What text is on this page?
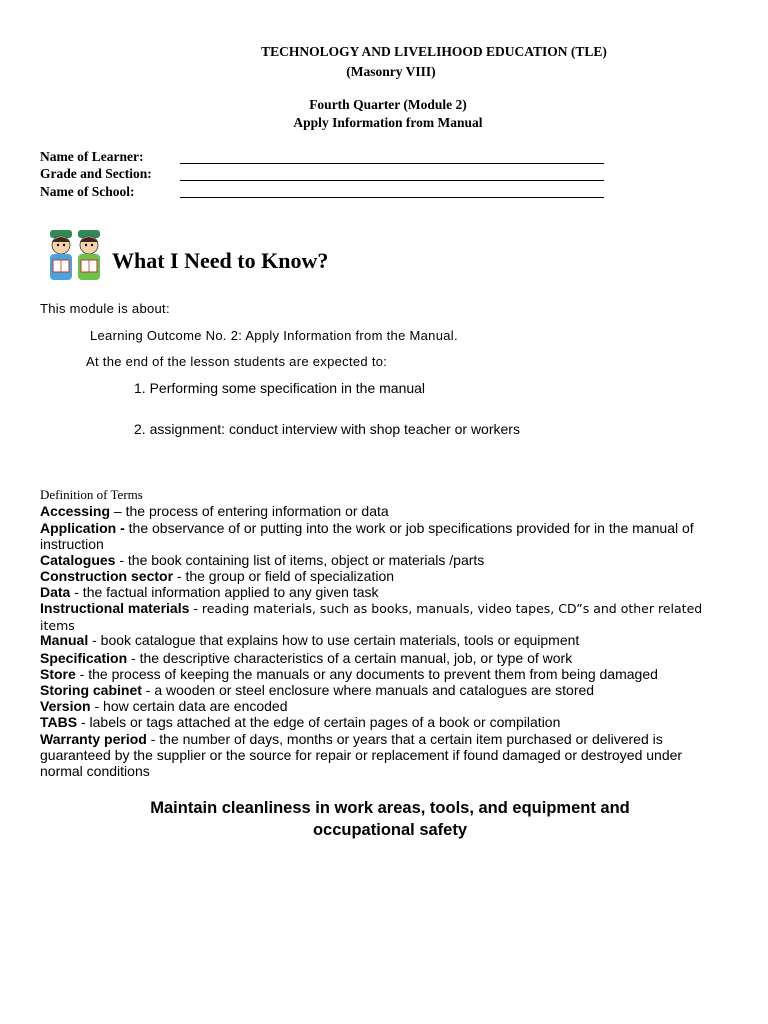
TECHNOLOGY AND LIVELIHOOD EDUCATION (TLE)
(Masonry VIII)
Fourth Quarter (Module 2)
Apply Information from Manual
Name of Learner:
Grade and Section:
Name of School:
What I Need to Know?
This module is about:
Learning Outcome No. 2: Apply Information from the Manual.
At the end of the lesson students are expected to:
1. Performing some specification in the manual
2. assignment: conduct interview with shop teacher or workers
Definition of Terms
Accessing – the process of entering information or data
Application - the observance of or putting into the work or job specifications provided for in the manual of instruction
Catalogues - the book containing list of items, object or materials /parts
Construction sector - the group or field of specialization
Data - the factual information applied to any given task
Instructional materials - reading materials, such as books, manuals, video tapes, CD”s and other related items
Manual - book catalogue that explains how to use certain materials, tools or equipment
Specification - the descriptive characteristics of a certain manual, job, or type of work
Store - the process of keeping the manuals or any documents to prevent them from being damaged
Storing cabinet - a wooden or steel enclosure where manuals and catalogues are stored
Version - how certain data are encoded
TABS - labels or tags attached at the edge of certain pages of a book or compilation
Warranty period - the number of days, months or years that a certain item purchased or delivered is guaranteed by the supplier or the source for repair or replacement if found damaged or destroyed under normal conditions
Maintain cleanliness in work areas, tools, and equipment and occupational safety
